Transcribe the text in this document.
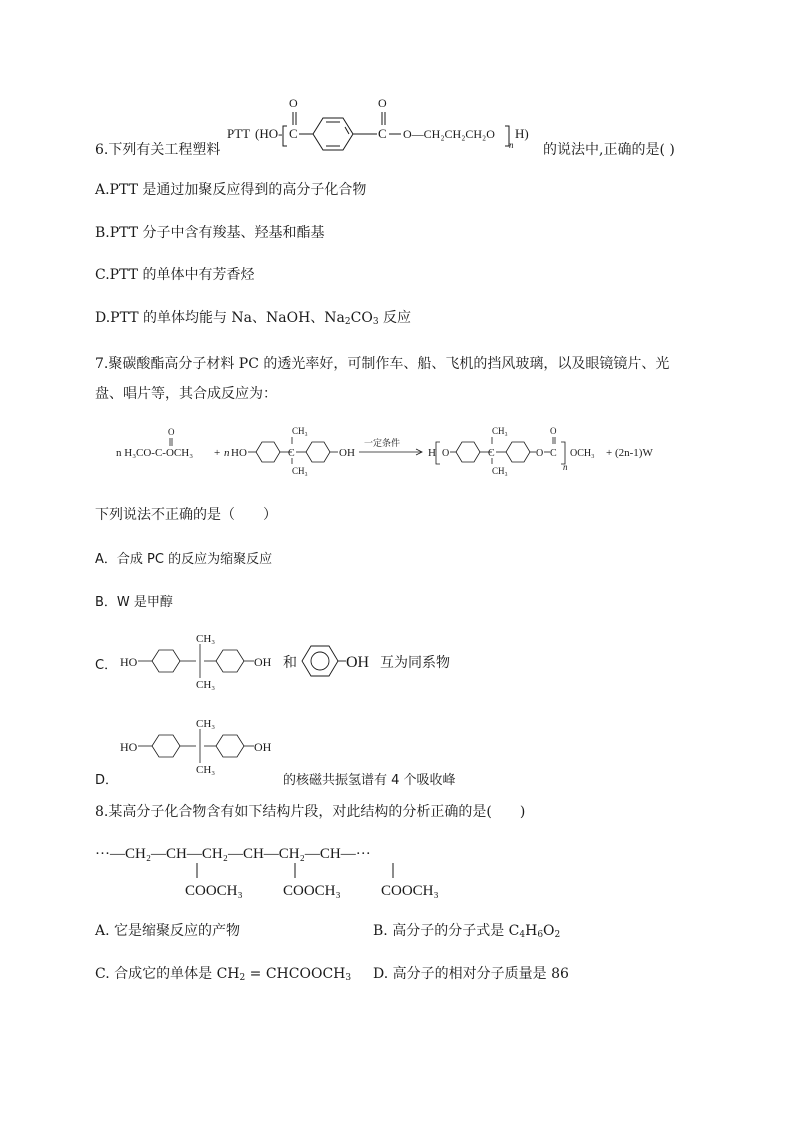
6.下列有关工程塑料
PTT (HO- C
O
C
O
O—CH₂CH₂CH₂O
n
H)
的说法中,正确的是( )
A.PTT 是通过加聚反应得到的高分子化合物
B.PTT 分子中含有羧基、羟基和酯基
C.PTT 的单体中有芳香烃
D.PTT 的单体均能与 Na、NaOH、$Na_2CO_3$ 反应
7.聚碳酸酯高分子材料 PC 的透光率好，可制作车、船、飞机的挡风玻璃，以及眼镜镜片、光
盘、唱片等，其合成反应为：
n H₃CO-C-OCH₃
O
+ n HO	C
CH₃
CH₃
OH
一定条件
H O	C
CH₃
CH₃
O C
O
n
OCH₃ + (2n-1)W
下列说法不正确的是（　　）
A．合成 PC 的反应为缩聚反应
B．W 是甲醇
C． HO
CH₃
CH₃
OH 和	OH 互为同系物
HO
CH₃
CH₃
OH
D．	的核磁共振氢谱有 4 个吸收峰
8.某高分子化合物含有如下结构片段，对此结构的分析正确的是(　　)
···—CH₂—CH—CH₂—CH—CH₂—CH—···
COOCH₃	COOCH₃	COOCH₃
A. 它是缩聚反应的产物	B. 高分子的分子式是 $C_4H_6O_2$
C. 合成它的单体是 $CH_2$ = $CHCOOCH_3$ D. 高分子的相对分子质量是 86
